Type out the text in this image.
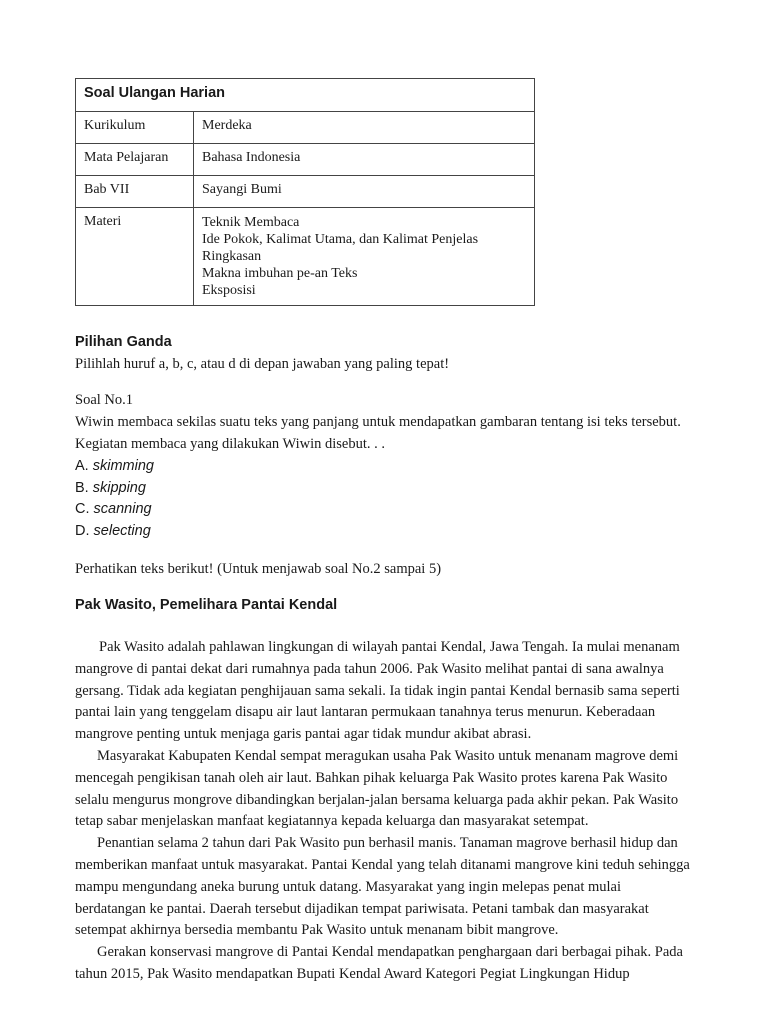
Soal Ulangan Harian	
Kurikulum	Merdeka
Mata Pelajaran	Bahasa Indonesia
Bab VII	Sayangi Bumi
Materi	Teknik Membaca
Ide Pokok, Kalimat Utama, dan Kalimat Penjelas
Ringkasan
Makna imbuhan pe-an Teks
Eksposisi
Pilihan Ganda
Pilihlah huruf a, b, c, atau d di depan jawaban yang paling tepat!
Soal No.1
Wiwin membaca sekilas suatu teks yang panjang untuk mendapatkan gambaran tentang isi teks tersebut. Kegiatan membaca yang dilakukan Wiwin disebut. . .
A. skimming
B. skipping
C. scanning
D. selecting
Perhatikan teks berikut! (Untuk menjawab soal No.2 sampai 5)
Pak Wasito, Pemelihara Pantai Kendal

Pak Wasito adalah pahlawan lingkungan di wilayah pantai Kendal, Jawa Tengah. Ia mulai menanam mangrove di pantai dekat dari rumahnya pada tahun 2006. Pak Wasito melihat pantai di sana awalnya gersang. Tidak ada kegiatan penghijauan sama sekali. Ia tidak ingin pantai Kendal bernasib sama seperti pantai lain yang tenggelam disapu air laut lantaran permukaan tanahnya terus menurun. Keberadaan mangrove penting untuk menjaga garis pantai agar tidak mundur akibat abrasi.

Masyarakat Kabupaten Kendal sempat meragukan usaha Pak Wasito untuk menanam magrove demi mencegah pengikisan tanah oleh air laut. Bahkan pihak keluarga Pak Wasito protes karena Pak Wasito selalu mengurus mongrove dibandingkan berjalan-jalan bersama keluarga pada akhir pekan. Pak Wasito tetap sabar menjelaskan manfaat kegiatannya kepada keluarga dan masyarakat setempat.

Penantian selama 2 tahun dari Pak Wasito pun berhasil manis. Tanaman magrove berhasil hidup dan memberikan manfaat untuk masyarakat. Pantai Kendal yang telah ditanami mangrove kini teduh sehingga mampu mengundang aneka burung untuk datang. Masyarakat yang ingin melepas penat mulai berdatangan ke pantai. Daerah tersebut dijadikan tempat pariwisata. Petani tambak dan masyarakat setempat akhirnya bersedia membantu Pak Wasito untuk menanam bibit mangrove.

Gerakan konservasi mangrove di Pantai Kendal mendapatkan penghargaan dari berbagai pihak. Pada tahun 2015, Pak Wasito mendapatkan Bupati Kendal Award Kategori Pegiat Lingkungan Hidup
